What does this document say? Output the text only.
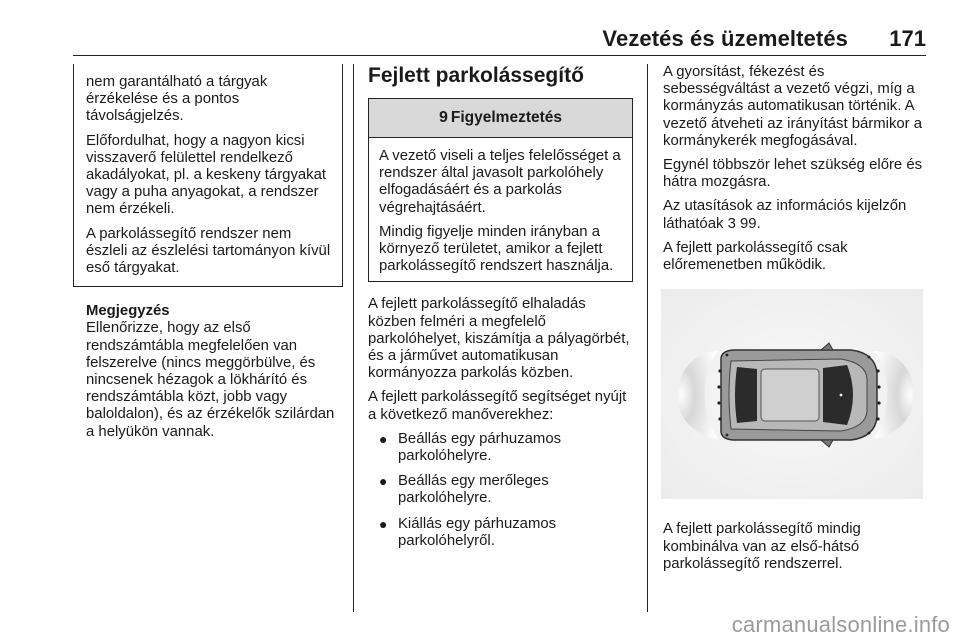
Vezetés és üzemeltetés 171

nem garantálható a tárgyak érzékelése és a pontos távolságjelzés.

Előfordulhat, hogy a nagyon kicsi visszaverő felülettel rendelkező akadályokat, pl. a keskeny tárgyakat vagy a puha anyagokat, a rendszer nem érzékeli.

A parkolássegítő rendszer nem észleli az észlelési tartományon kívül eső tárgyakat.

Megjegyzés
Ellenőrizze, hogy az első rendszámtábla megfelelően van felszerelve (nincs meggörbülve, és nincsenek hézagok a lökhárító és rendszámtábla közt, jobb vagy baloldalon), és az érzékelők szilárdan a helyükön vannak.
Fejlett parkolássegítő
9 Figyelmeztetés

A vezető viseli a teljes felelősséget a rendszer által javasolt parkolóhely elfogadásáért és a parkolás végrehajtásáért.

Mindig figyelje minden irányban a környező területet, amikor a fejlett parkolássegítő rendszert használja.

A fejlett parkolássegítő elhaladás közben felméri a megfelelő parkolóhelyet, kiszámítja a pályagörbét, és a járművet automatikusan kormányozza parkolás közben.

A fejlett parkolássegítő segítséget nyújt a következő manőverekhez:

● Beállás egy párhuzamos parkolóhelyre.
● Beállás egy merőleges parkolóhelyre.
● Kiállás egy párhuzamos parkolóhelyről.

A gyorsítást, fékezést és sebességváltást a vezető végzi, míg a kormányzás automatikusan történik. A vezető átveheti az irányítást bármikor a kormánykerék megfogásával.

Egynél többször lehet szükség előre és hátra mozgásra.

Az utasítások az információs kijelzőn láthatóak 3 99.

A fejlett parkolássegítő csak előremenetben működik.

A fejlett parkolássegítő mindig kombinálva van az első-hátsó parkolássegítő rendszerrel.

carmanualsonline.info
